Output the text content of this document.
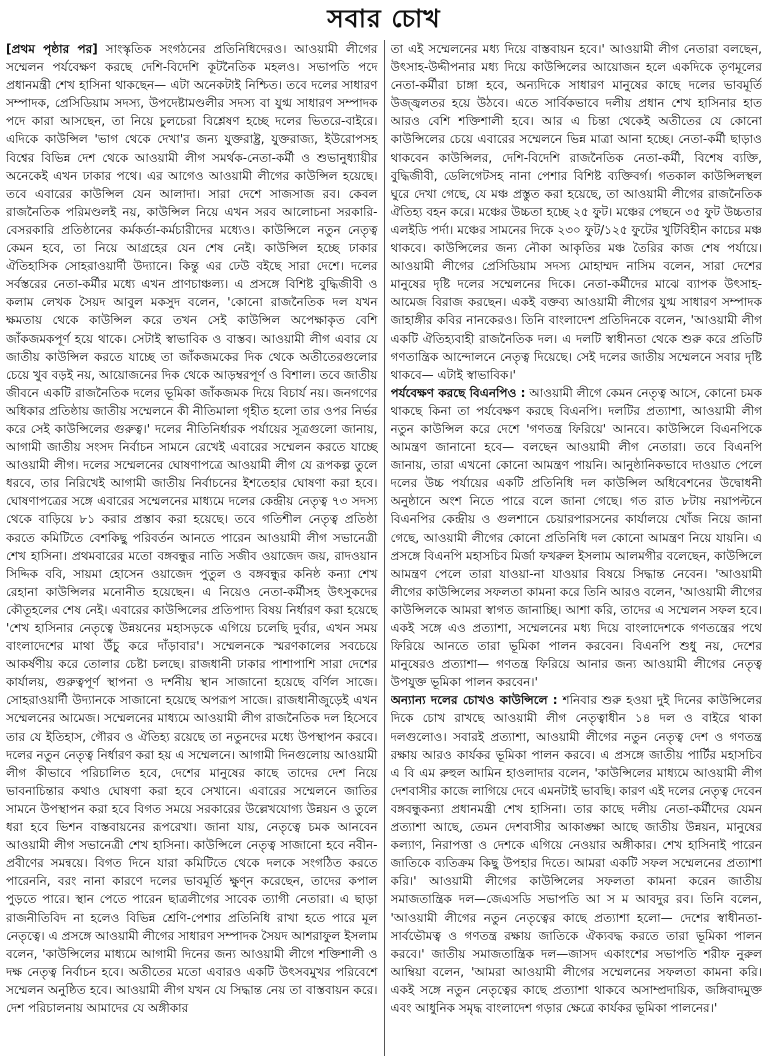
সবার চোখ

[প্রথম পৃষ্ঠার পর] সাংস্কৃতিক সংগঠনের প্রতিনিধিদেরও। আওয়ামী লীগের সম্মেলন পর্যবেক্ষণ করছে দেশি-বিদেশি কূটনৈতিক মহলও। সভাপতি পদে প্রধানমন্ত্রী শেখ হাসিনা থাকছেন— এটা অনেকটাই নিশ্চিত। তবে দলের সাধারণ সম্পাদক, প্রেসিডিয়াম সদস্য, উপদেষ্টামণ্ডলীর সদস্য বা যুগ্ম সাধারণ সম্পাদক পদে কারা আসছেন, তা নিয়ে চুলচেরা বিশ্লেষণ হচ্ছে দলের ভিতরে-বাইরে। এদিকে কাউন্সিল 'ভাগ থেকে দেখা'র জন্য যুক্তরাষ্ট্র, যুক্তরাজ্য, ইউরোপসহ বিশ্বের বিভিন্ন দেশ থেকে আওয়ামী লীগ সমর্থক-নেতা-কর্মী ও শুভানুধ্যায়ীর অনেকেই এখন ঢাকার পথে। এর আগেও আওয়ামী লীগের কাউন্সিল হয়েছে। তবে এবারের কাউন্সিল যেন আলাদা। সারা দেশে সাজসাজ রব। কেবল রাজনৈতিক পরিমণ্ডলই নয়, কাউন্সিল নিয়ে এখন সরব আলোচনা সরকারি-বেসরকারি প্রতিষ্ঠানের কর্মকর্তা-কর্মচারীদের মধ্যেও। কাউন্সিলে নতুন নেতৃত্ব কেমন হবে, তা নিয়ে আগ্রহের যেন শেষ নেই। কাউন্সিল হচ্ছে ঢাকার ঐতিহাসিক সোহরাওয়ার্দী উদ্যানে। কিন্তু এর ঢেউ বইছে সারা দেশে। দলের সর্বস্তরের নেতা-কর্মীর মধ্যে এখন প্রাণচাঞ্চল্য। এ প্রসঙ্গে বিশিষ্ট বুদ্ধিজীবী ও কলাম লেখক সৈয়দ আবুল মকসুদ বলেন, 'কোনো রাজনৈতিক দল যখন ক্ষমতায় থেকে কাউন্সিল করে তখন সেই কাউন্সিল অপেক্ষাকৃত বেশি জাঁকজমকপূর্ণ হয়ে থাকে। সেটাই স্বাভাবিক ও বাস্তব। আওয়ামী লীগ এবার যে জাতীয় কাউন্সিল করতে যাচ্ছে তা জাঁকজমকের দিক থেকে অতীতেরগুলোর চেয়ে খুব বড়ই নয়, আয়োজনের দিক থেকে আড়ম্বরপূর্ণ ও বিশাল। তবে জাতীয় জীবনে একটি রাজনৈতিক দলের ভূমিকা জাঁকজমক দিয়ে বিচার্য নয়। জনগণের অধিকার প্রতিষ্ঠায় জাতীয় সম্মেলনে কী নীতিমালা গৃহীত হলো তার ওপর নির্ভর করে সেই কাউন্সিলের গুরুত্ব।' দলের নীতিনির্ধারক পর্যায়ের সূত্রগুলো জানায়, আগামী জাতীয় সংসদ নির্বাচন সামনে রেখেই এবারের সম্মেলন করতে যাচ্ছে আওয়ামী লীগ। দলের সম্মেলনের ঘোষণাপত্রে আওয়ামী লীগ যে রূপকল্প তুলে ধরবে, তার নিরিখেই আগামী জাতীয় নির্বাচনের ইশতেহার ঘোষণা করা হবে। ঘোষণাপত্রের সঙ্গে এবারের সম্মেলনের মাধ্যমে দলের কেন্দ্রীয় নেতৃত্ব ৭৩ সদস্য থেকে বাড়িয়ে ৮১ করার প্রস্তাব করা হয়েছে। তবে গতিশীল নেতৃত্ব প্রতিষ্ঠা করতে কমিটিতে বেশকিছু পরিবর্তন আনতে পারেন আওয়ামী লীগ সভানেত্রী শেখ হাসিনা। প্রথমবারের মতো বঙ্গবন্ধুর নাতি সজীব ওয়াজেদ জয়, রাদওয়ান সিদ্দিক ববি, সায়মা হোসেন ওয়াজেদ পুতুল ও বঙ্গবন্ধুর কনিষ্ঠ কন্যা শেখ রেহানা কাউন্সিলর মনোনীত হয়েছেন। এ নিয়েও নেতা-কর্মীসহ উৎসুকদের কৌতূহলের শেষ নেই। এবারের কাউন্সিলের প্রতিপাদ্য বিষয় নির্ধারণ করা হয়েছে 'শেখ হাসিনার নেতৃত্বে উন্নয়নের মহাসড়কে এগিয়ে চলেছি দুর্বার, এখন সময় বাংলাদেশের মাথা উঁচু করে দাঁড়াবার'। সম্মেলনকে স্মরণকালের সবচেয়ে আকর্ষণীয় করে তোলার চেষ্টা চলছে। রাজধানী ঢাকার পাশাপাশি সারা দেশের কার্যালয়, গুরুত্বপূর্ণ স্থাপনা ও দর্শনীয় স্থান সাজানো হয়েছে বর্ণিল সাজে। সোহরাওয়ার্দী উদ্যানকে সাজানো হয়েছে অপরূপ সাজে। রাজধানীজুড়েই এখন সম্মেলনের আমেজ। সম্মেলনের মাধ্যমে আওয়ামী লীগ রাজনৈতিক দল হিসেবে তার যে ইতিহাস, গৌরব ও ঐতিহ্য রয়েছে তা নতুনদের মধ্যে উপস্থাপন করবে। দলের নতুন নেতৃত্ব নির্ধারণ করা হয় এ সম্মেলনে। আগামী দিনগুলোয় আওয়ামী লীগ কীভাবে পরিচালিত হবে, দেশের মানুষের কাছে তাদের দেশ নিয়ে ভাবনাচিন্তার কথাও ঘোষণা করা হবে সেখানে। এবারের সম্মেলনে জাতির সামনে উপস্থাপন করা হবে বিগত সময়ে সরকারের উল্লেখযোগ্য উন্নয়ন ও তুলে ধরা হবে ভিশন বাস্তবায়নের রূপরেখা। জানা যায়, নেতৃত্বে চমক আনবেন আওয়ামী লীগ সভানেত্রী শেখ হাসিনা। কাউন্সিলে নেতৃত্ব সাজানো হবে নবীন-প্রবীণের সমন্বয়ে। বিগত দিনে যারা কমিটিতে থেকে দলকে সংগঠিত করতে পারেননি, বরং নানা কারণে দলের ভাবমূর্তি ক্ষুণ্ন করেছেন, তাদের কপাল পুড়তে পারে। স্থান পেতে পারেন ছাত্রলীগের সাবেক ত্যাগী নেতারা। এ ছাড়া রাজনীতিবিদ না হলেও বিভিন্ন শ্রেণি-পেশার প্রতিনিধি রাখা হতে পারে মূল নেতৃত্বে। এ প্রসঙ্গে আওয়ামী লীগের সাধারণ সম্পাদক সৈয়দ আশরাফুল ইসলাম বলেন, 'কাউন্সিলের মাধ্যমে আগামী দিনের জন্য আওয়ামী লীগে শক্তিশালী ও দক্ষ নেতৃত্ব নির্বাচন হবে। অতীতের মতো এবারও একটি উৎসবমুখর পরিবেশে সম্মেলন অনুষ্ঠিত হবে। আওয়ামী লীগ যখন যে সিদ্ধান্ত নেয় তা বাস্তবায়ন করে। দেশ পরিচালনায় আমাদের যে অঙ্গীকার

তা এই সম্মেলনের মধ্য দিয়ে বাস্তবায়ন হবে।' আওয়ামী লীগ নেতারা বলছেন, উৎসাহ-উদ্দীপনার মধ্য দিয়ে কাউন্সিলের আয়োজন হলে একদিকে তৃণমূলের নেতা-কর্মীরা চাঙ্গা হবে, অন্যদিকে সাধারণ মানুষের কাছে দলের ভাবমূর্তি উজ্জ্বলতর হয়ে উঠবে। এতে সার্বিকভাবে দলীয় প্রধান শেখ হাসিনার হাত আরও বেশি শক্তিশালী হবে। আর এ চিন্তা থেকেই অতীতের যে কোনো কাউন্সিলের চেয়ে এবারের সম্মেলনে ভিন্ন মাত্রা আনা হচ্ছে। নেতা-কর্মী ছাড়াও থাকবেন কাউন্সিলর, দেশি-বিদেশি রাজনৈতিক নেতা-কর্মী, বিশেষ ব্যক্তি, বুদ্ধিজীবী, ডেলিগেটসহ নানা পেশার বিশিষ্ট ব্যক্তিবর্গ। গতকাল কাউন্সিলস্থল ঘুরে দেখা গেছে, যে মঞ্চ প্রস্তুত করা হয়েছে, তা আওয়ামী লীগের রাজনৈতিক ঐতিহ্য বহন করে। মঞ্চের উচ্চতা হচ্ছে ২৫ ফুট। মঞ্চের পেছনে ৩৫ ফুট উচ্চতার এলইডি পর্দা। মঞ্চের সামনের দিকে ২৩০ ফুট/১২৫ ফুটের খুটিবিহীন কাচের মঞ্চ থাকবে। কাউন্সিলের জন্য নৌকা আকৃতির মঞ্চ তৈরির কাজ শেষ পর্যায়ে। আওয়ামী লীগের প্রেসিডিয়াম সদস্য মোহাম্মদ নাসিম বলেন, সারা দেশের মানুষের দৃষ্টি দলের সম্মেলনের দিকে। নেতা-কর্মীদের মাঝে ব্যাপক উৎসাহ-আমেজ বিরাজ করছেন। একই বক্তব্য আওয়ামী লীগের যুগ্ম সাধারণ সম্পাদক জাহাঙ্গীর কবির নানকেরও। তিনি বাংলাদেশ প্রতিদিনকে বলেন, 'আওয়ামী লীগ একটি ঐতিহ্যবাহী রাজনৈতিক দল। এ দলটি স্বাধীনতা থেকে শুরু করে প্রতিটি গণতান্ত্রিক আন্দোলনে নেতৃত্ব দিয়েছে। সেই দলের জাতীয় সম্মেলনে সবার দৃষ্টি থাকবে— এটাই স্বাভাবিক।'

পর্যবেক্ষণ করছে বিএনপিও : আওয়ামী লীগে কেমন নেতৃত্ব আসে, কোনো চমক থাকছে কিনা তা পর্যবেক্ষণ করছে বিএনপি। দলটির প্রত্যাশা, আওয়ামী লীগ নতুন কাউন্সিল করে দেশে 'গণতন্ত্র ফিরিয়ে' আনবে। কাউন্সিলে বিএনপিকে আমন্ত্রণ জানানো হবে— বলছেন আওয়ামী লীগ নেতারা। তবে বিএনপি জানায়, তারা এখনো কোনো আমন্ত্রণ পায়নি। আনুষ্ঠানিকভাবে দাওয়াত পেলে দলের উচ্চ পর্যায়ের একটি প্রতিনিধি দল কাউন্সিল অধিবেশনের উদ্বোধনী অনুষ্ঠানে অংশ নিতে পারে বলে জানা গেছে। গত রাত ৮টায় নয়াপল্টনে বিএনপির কেন্দ্রীয় ও গুলশানে চেয়ারপারসনের কার্যালয়ে খোঁজ নিয়ে জানা গেছে, আওয়ামী লীগের কোনো প্রতিনিধি দল কোনো আমন্ত্রণ নিয়ে যায়নি। এ প্রসঙ্গে বিএনপি মহাসচিব মির্জা ফখরুল ইসলাম আলমগীর বলেছেন, কাউন্সিলে আমন্ত্রণ পেলে তারা যাওয়া-না যাওয়ার বিষয়ে সিদ্ধান্ত নেবেন। 'আওয়ামী লীগের কাউন্সিলের সফলতা কামনা করে তিনি আরও বলেন, 'আওয়ামী লীগের কাউন্সিলকে আমরা স্বাগত জানাচ্ছি। আশা করি, তাদের এ সম্মেলন সফল হবে। একই সঙ্গে এও প্রত্যাশা, সম্মেলনের মধ্য দিয়ে বাংলাদেশকে গণতন্ত্রের পথে ফিরিয়ে আনতে তারা ভূমিকা পালন করবেন। বিএনপি শুধু নয়, দেশের মানুষেরও প্রত্যাশা— গণতন্ত্র ফিরিয়ে আনার জন্য আওয়ামী লীগের নেতৃত্ব উপযুক্ত ভূমিকা পালন করবেন।'

অন্যান্য দলের চোখও কাউন্সিলে : শনিবার শুরু হওয়া দুই দিনের কাউন্সিলের দিকে চোখ রাখছে আওয়ামী লীগ নেতৃত্বাধীন ১৪ দল ও বাইরে থাকা দলগুলোও। সবারই প্রত্যাশা, আওয়ামী লীগের নতুন নেতৃত্ব দেশ ও গণতন্ত্র রক্ষায় আরও কার্যকর ভূমিকা পালন করবে। এ প্রসঙ্গে জাতীয় পার্টির মহাসচিব এ বি এম রুহুল আমিন হাওলাদার বলেন, 'কাউন্সিলের মাধ্যমে আওয়ামী লীগ দেশবাসীর কাজে লাগিয়ে দেবে এমনটাই ভাবছি। কারণ এই দলের নেতৃত্ব দেবেন বঙ্গবন্ধুকন্যা প্রধানমন্ত্রী শেখ হাসিনা। তার কাছে দলীয় নেতা-কর্মীদের যেমন প্রত্যাশা আছে, তেমন দেশবাসীর আকাঙ্ক্ষা আছে জাতীয় উন্নয়ন, মানুষের কল্যাণ, নিরাপত্তা ও দেশকে এগিয়ে নেওয়ার অঙ্গীকার। শেখ হাসিনাই পারেন জাতিকে ব্যতিক্রম কিছু উপহার দিতে। আমরা একটি সফল সম্মেলনের প্রত্যাশা করি।' আওয়ামী লীগের কাউন্সিলের সফলতা কামনা করেন জাতীয় সমাজতান্ত্রিক দল—জেএসডি সভাপতি আ স ম আবদুর রব। তিনি বলেন, 'আওয়ামী লীগের নতুন নেতৃত্বের কাছে প্রত্যাশা হলো— দেশের স্বাধীনতা-সার্বভৌমত্ব ও গণতন্ত্র রক্ষায় জাতিকে ঐক্যবদ্ধ করতে তারা ভূমিকা পালন করবে।' জাতীয় সমাজতান্ত্রিক দল—জাসদ একাংশের সভাপতি শরীফ নুরুল আম্বিয়া বলেন, 'আমরা আওয়ামী লীগের সম্মেলনের সফলতা কামনা করি। একই সঙ্গে নতুন নেতৃত্বের কাছে প্রত্যাশা থাকবে অসাম্প্রদায়িক, জঙ্গিবাদমুক্ত এবং আধুনিক সমৃদ্ধ বাংলাদেশ গড়ার ক্ষেত্রে কার্যকর ভূমিকা পালনের।'
